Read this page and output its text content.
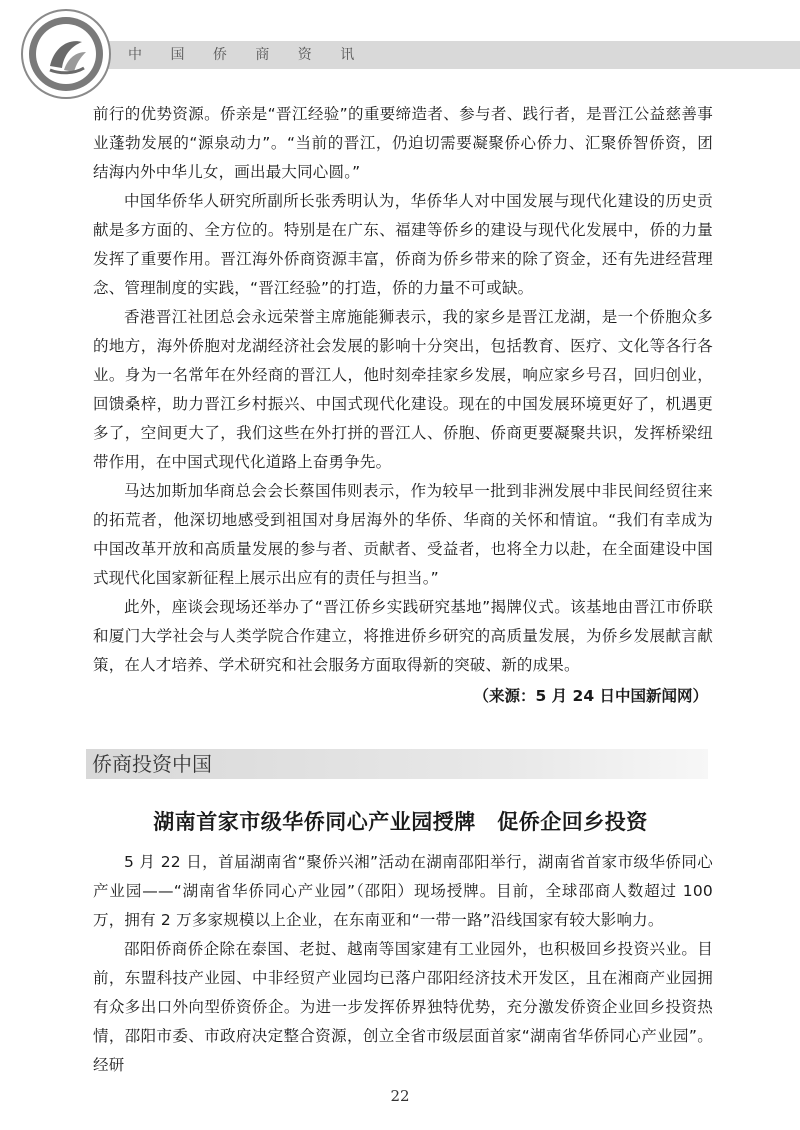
中 国 侨 商 资 讯

前行的优势资源。侨亲是“晋江经验”的重要缔造者、参与者、践行者，是晋江公益慈善事业蓬勃发展的“源泉动力”。“当前的晋江，仍迫切需要凝聚侨心侨力、汇聚侨智侨资，团结海内外中华儿女，画出最大同心圆。”

中国华侨华人研究所副所长张秀明认为，华侨华人对中国发展与现代化建设的历史贡献是多方面的、全方位的。特别是在广东、福建等侨乡的建设与现代化发展中，侨的力量发挥了重要作用。晋江海外侨商资源丰富，侨商为侨乡带来的除了资金，还有先进经营理念、管理制度的实践，“晋江经验”的打造，侨的力量不可或缺。

香港晋江社团总会永远荣誉主席施能狮表示，我的家乡是晋江龙湖，是一个侨胞众多的地方，海外侨胞对龙湖经济社会发展的影响十分突出，包括教育、医疗、文化等各行各业。身为一名常年在外经商的晋江人，他时刻牵挂家乡发展，响应家乡号召，回归创业，回馈桑梓，助力晋江乡村振兴、中国式现代化建设。现在的中国发展环境更好了，机遇更多了，空间更大了，我们这些在外打拼的晋江人、侨胞、侨商更要凝聚共识，发挥桥梁纽带作用，在中国式现代化道路上奋勇争先。

马达加斯加华商总会会长蔡国伟则表示，作为较早一批到非洲发展中非民间经贸往来的拓荒者，他深切地感受到祖国对身居海外的华侨、华商的关怀和情谊。“我们有幸成为中国改革开放和高质量发展的参与者、贡献者、受益者，也将全力以赴，在全面建设中国式现代化国家新征程上展示出应有的责任与担当。”

此外，座谈会现场还举办了“晋江侨乡实践研究基地”揭牌仪式。该基地由晋江市侨联和厦门大学社会与人类学院合作建立，将推进侨乡研究的高质量发展，为侨乡发展献言献策，在人才培养、学术研究和社会服务方面取得新的突破、新的成果。

（来源：5 月 24 日中国新闻网）
侨商投资中国
湖南首家市级华侨同心产业园授牌　促侨企回乡投资

5 月 22 日，首届湖南省“聚侨兴湘”活动在湖南邵阳举行，湖南省首家市级华侨同心产业园——“湖南省华侨同心产业园”（邵阳）现场授牌。目前，全球邵商人数超过 100 万，拥有 2 万多家规模以上企业，在东南亚和“一带一路”沿线国家有较大影响力。

邵阳侨商侨企除在泰国、老挝、越南等国家建有工业园外，也积极回乡投资兴业。目前，东盟科技产业园、中非经贸产业园均已落户邵阳经济技术开发区，且在湘商产业园拥有众多出口外向型侨资侨企。为进一步发挥侨界独特优势，充分激发侨资企业回乡投资热情，邵阳市委、市政府决定整合资源，创立全省市级层面首家“湖南省华侨同心产业园”。经研

22
